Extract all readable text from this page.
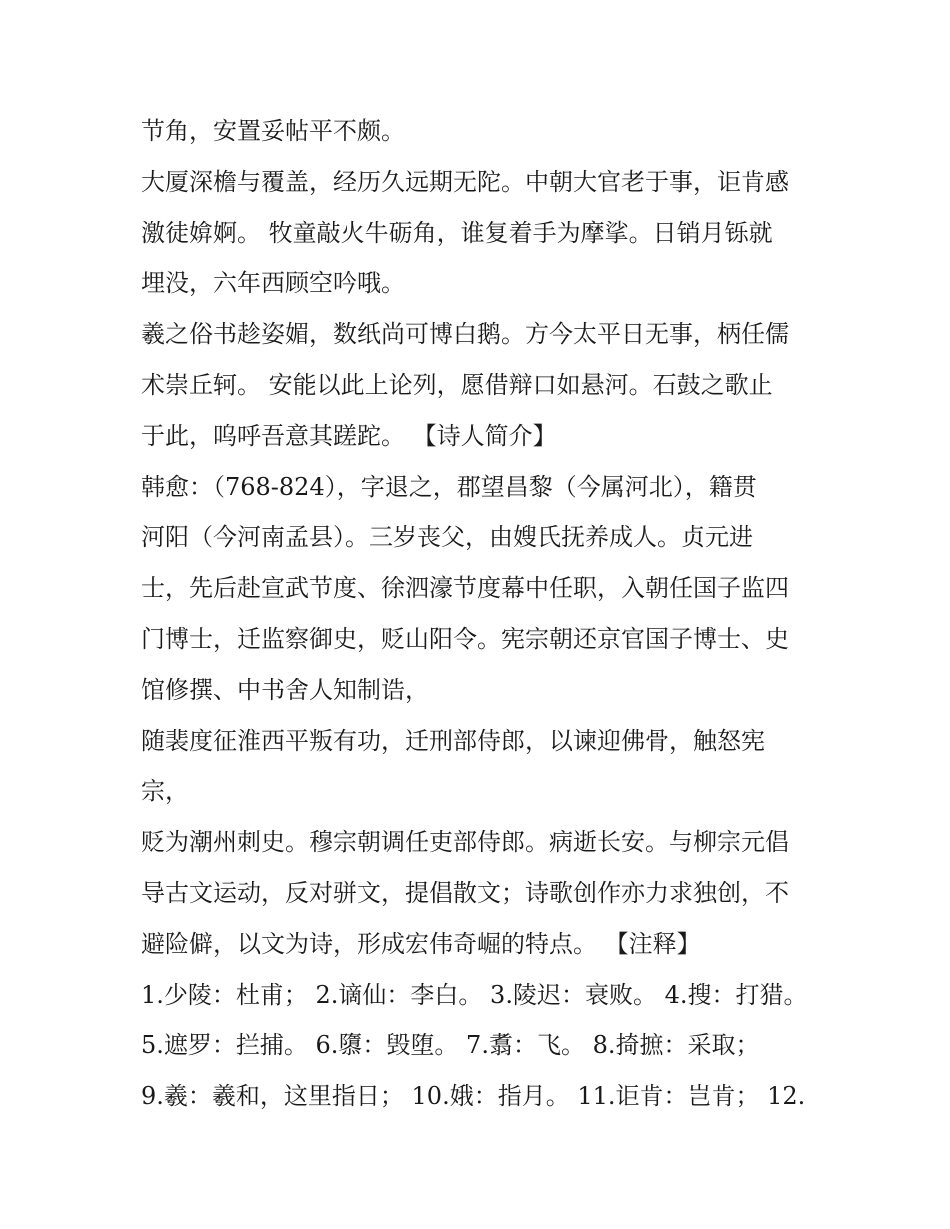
节角，安置妥帖平不颇。
大厦深檐与覆盖，经历久远期无陀。中朝大官老于事，讵肯感
激徒媕婀。 牧童敲火牛砺角，谁复着手为摩挲。日销月铄就
埋没，六年西顾空吟哦。
羲之俗书趁姿媚，数纸尚可博白鹅。方今太平日无事，柄任儒
术崇丘轲。 安能以此上论列，愿借辩口如悬河。石鼓之歌止
于此，呜呼吾意其蹉跎。 【诗人简介】
韩愈：（768-824），字退之，郡望昌黎（今属河北），籍贯
河阳（今河南孟县）。三岁丧父，由嫂氏抚养成人。贞元进
士，先后赴宣武节度、徐泗濠节度幕中任职，入朝任国子监四
门博士，迁监察御史，贬山阳令。宪宗朝还京官国子博士、史
馆修撰、中书舍人知制诰，
随裴度征淮西平叛有功，迁刑部侍郎，以谏迎佛骨，触怒宪
宗，
贬为潮州刺史。穆宗朝调任吏部侍郎。病逝长安。与柳宗元倡
导古文运动，反对骈文，提倡散文；诗歌创作亦力求独创，不
避险僻，以文为诗，形成宏伟奇崛的特点。 【注释】
1.少陵：杜甫； 2.谪仙：李白。 3.陵迟：衰败。 4.搜：打猎。
5.遮罗：拦捕。 6.隳：毁堕。 7.翥：飞。 8.掎摭：采取；
9.羲：羲和，这里指日； 10.娥：指月。 11.讵肯：岂肯； 12.
